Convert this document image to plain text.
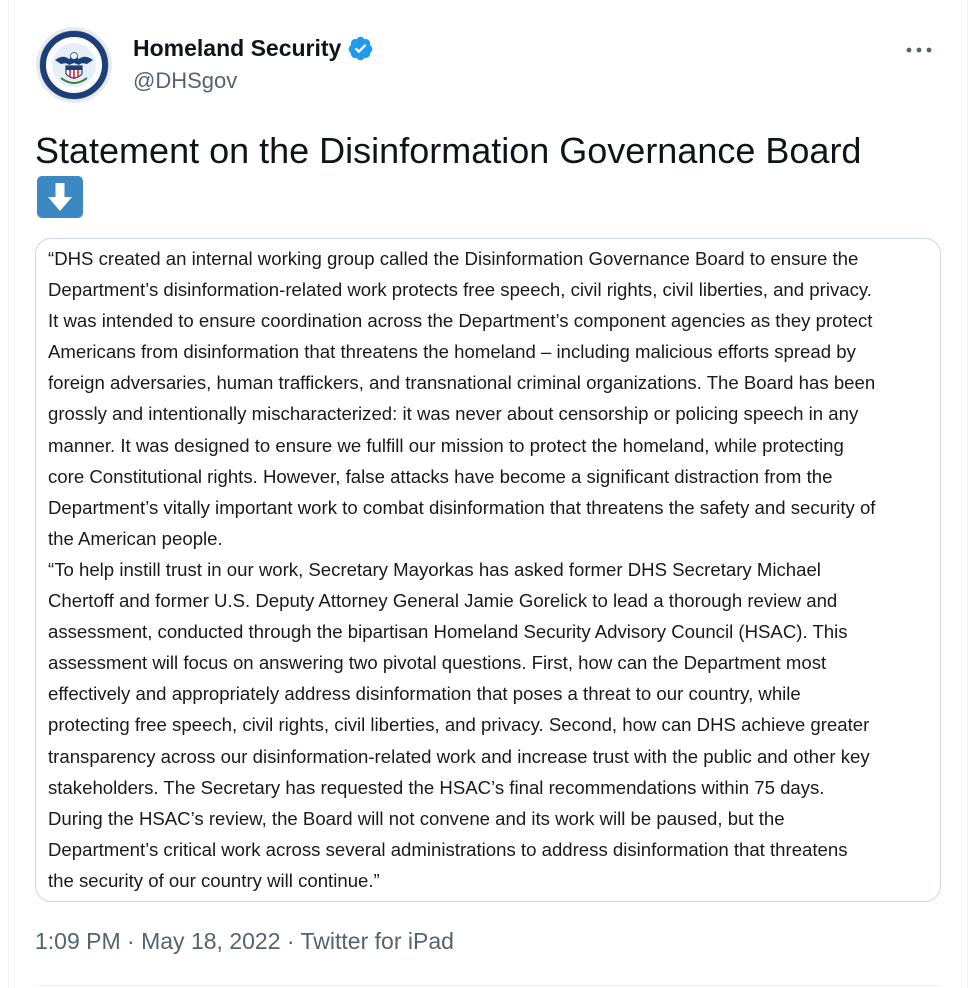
Homeland Security
@DHSgov
Statement on the Disinformation Governance Board
“DHS created an internal working group called the Disinformation Governance Board to ensure the
Department’s disinformation-related work protects free speech, civil rights, civil liberties, and privacy.
It was intended to ensure coordination across the Department’s component agencies as they protect
Americans from disinformation that threatens the homeland – including malicious efforts spread by
foreign adversaries, human traffickers, and transnational criminal organizations. The Board has been
grossly and intentionally mischaracterized: it was never about censorship or policing speech in any
manner. It was designed to ensure we fulfill our mission to protect the homeland, while protecting
core Constitutional rights. However, false attacks have become a significant distraction from the
Department’s vitally important work to combat disinformation that threatens the safety and security of
the American people.
“To help instill trust in our work, Secretary Mayorkas has asked former DHS Secretary Michael
Chertoff and former U.S. Deputy Attorney General Jamie Gorelick to lead a thorough review and
assessment, conducted through the bipartisan Homeland Security Advisory Council (HSAC). This
assessment will focus on answering two pivotal questions. First, how can the Department most
effectively and appropriately address disinformation that poses a threat to our country, while
protecting free speech, civil rights, civil liberties, and privacy. Second, how can DHS achieve greater
transparency across our disinformation-related work and increase trust with the public and other key
stakeholders. The Secretary has requested the HSAC’s final recommendations within 75 days.
During the HSAC’s review, the Board will not convene and its work will be paused, but the
Department’s critical work across several administrations to address disinformation that threatens
the security of our country will continue.”
1:09 PM · May 18, 2022 · Twitter for iPad
